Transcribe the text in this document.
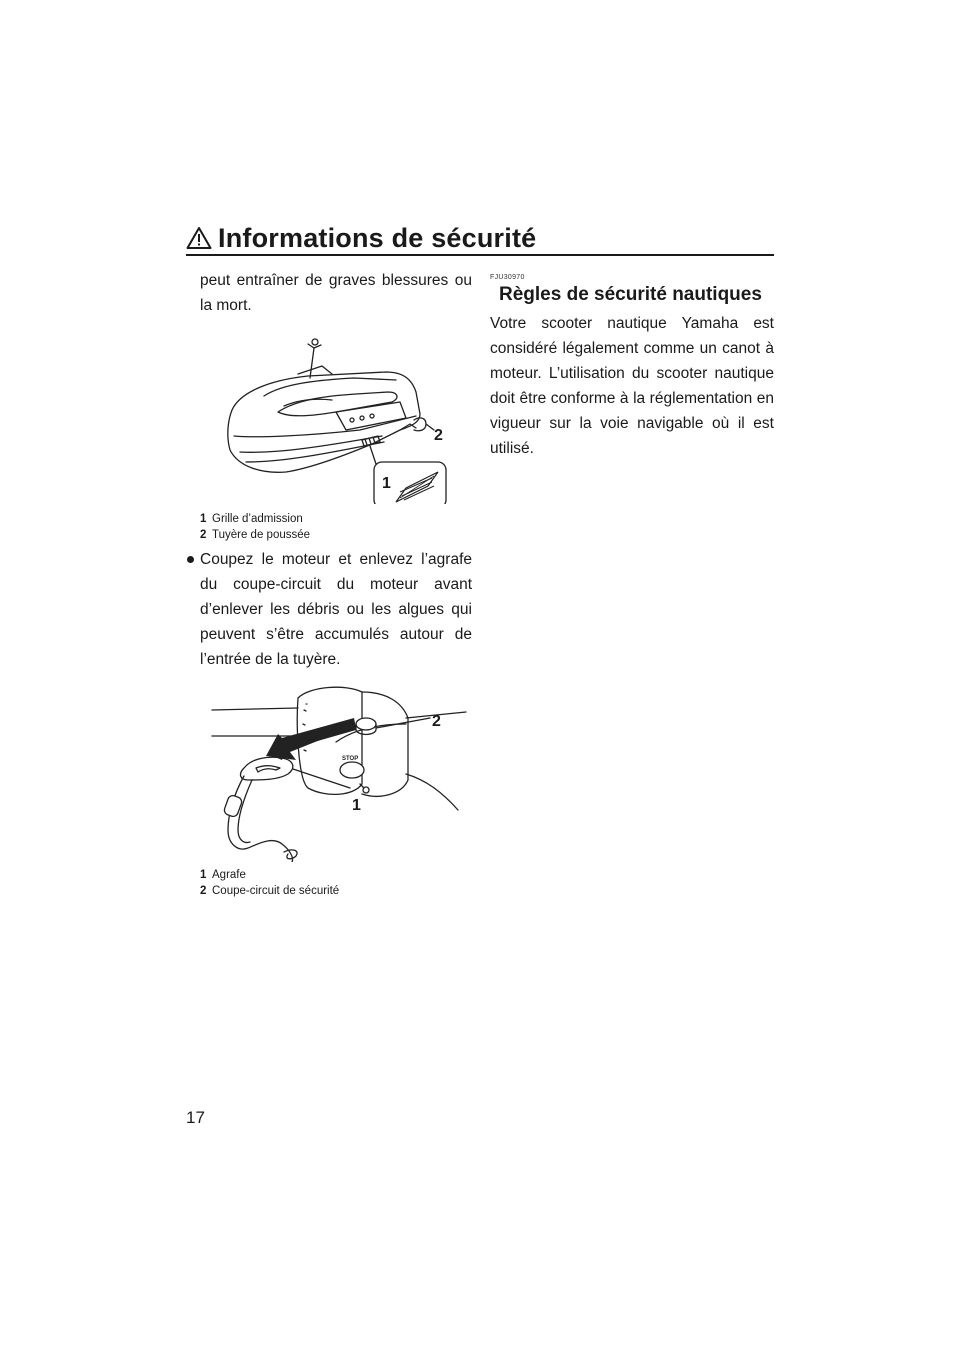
Informations de sécurité

peut entraîner de graves blessures ou la mort.

2
1
1 Grille d’admission
2 Tuyère de poussée
Coupez le moteur et enlevez l’agrafe du coupe-circuit du moteur avant d’enlever les débris ou les algues qui peuvent s’être accumulés autour de l’entrée de la tuyère.
⚬
STOP
2
1
1 Agrafe
2 Coupe-circuit de sécurité
FJU30970
Règles de sécurité nautiques

Votre scooter nautique Yamaha est considéré légalement comme un canot à moteur. L’utilisation du scooter nautique doit être conforme à la réglementation en vigueur sur la voie navigable où il est utilisé.

17
